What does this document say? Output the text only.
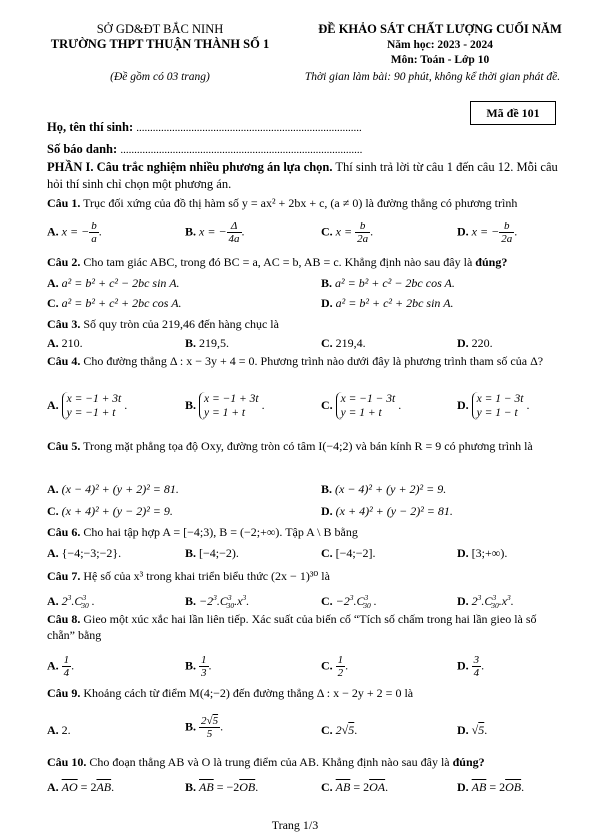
SỞ GD&ĐT BẮC NINH
TRƯỜNG THPT THUẬN THÀNH SỐ 1
(Đề gồm có 03 trang)
ĐỀ KHẢO SÁT CHẤT LƯỢNG CUỐI NĂM
Năm học: 2023 - 2024
Môn: Toán - Lớp 10
Thời gian làm bài: 90 phút, không kể thời gian phát đề.
Mã đề 101
Họ, tên thí sinh: ..................................................................................
Số báo danh: ........................................................................................
PHẦN I. Câu trắc nghiệm nhiều phương án lựa chọn. Thí sinh trả lời từ câu 1 đến câu 12. Mỗi câu hỏi thí sinh chỉ chọn một phương án.
Câu 1. Trục đối xứng của đồ thị hàm số y = ax² + 2bx + c, (a ≠ 0) là đường thẳng có phương trình
A. x = − $\frac{b}{a}$ .	B. x = − $\frac{\Delta}{4a}$ .	C. $x = \frac{b}{2a}$ .	D. x = − $\frac{b}{2a}$ .
Câu 2. Cho tam giác ABC, trong đó BC = a, AC = b, AB = c. Khẳng định nào sau đây là đúng?
A. a² = b² + c² − 2bc sin A.	B. a² = b² + c² − 2bc cos A.
C. a² = b² + c² + 2bc cos A.	D. a² = b² + c² + 2bc sin A.
Câu 3. Số quy tròn của 219,46 đến hàng chục là
A. 210.	B. 219,5.	C. 219,4.	D. 220.
Câu 4. Cho đường thẳng Δ : x − 3y + 4 = 0. Phương trình nào dưới đây là phương trình tham số của Δ?
A. x = −1 + 3t
y = −1 + t
.	B. x = −1 + 3t
y = 1 + t
.	C. x = −1 − 3t
y = 1 + t
.	D. x = 1 − 3t
y = 1 − t
.
Câu 5. Trong mặt phẳng tọa độ Oxy, đường tròn có tâm I(−4;2) và bán kính R = 9 có phương trình là
A. (x − 4)² + (y + 2)² = 81.	B. (x − 4)² + (y + 2)² = 9.
C. (x + 4)² + (y − 2)² = 9.	D. (x + 4)² + (y − 2)² = 81.
Câu 6. Cho hai tập hợp A = [−4;3), B = (−2;+∞). Tập A \ B bằng
A. {−4;−3;−2}.	B. [−4;−2).	C. [−4;−2].	D. [3;+∞).
Câu 7. Hệ số của x³ trong khai triển biểu thức (2x − 1)³⁰ là
A. $2^3.C^3_{30}$ .	B. $-2^3.C^3_{30}.x^3$.	C. $-2^3.C^3_{30}$ .	D. $2^3.C^3_{30}.x^3$.
Câu 8. Gieo một xúc xắc hai lần liên tiếp. Xác suất của biến cố “Tích số chấm trong hai lần gieo là số chẵn” bằng
A. $\frac{1}{4}$ .	B. $\frac{1}{3}$ .	C. $\frac{1}{2}$ .	D. $\frac{3}{4}$ .
Câu 9. Khoảng cách từ điểm M(4;−2) đến đường thẳng Δ : x − 2y + 2 = 0 là
A. 2.	B. $\frac{2√5}{5}$ .	C. 2√5.	D. √5.
Câu 10. Cho đoạn thẳng AB và O là trung điểm của AB. Khẳng định nào sau đây là đúng?
A. $\overline{AO} = 2\overline{AB}$.	B. $\overline{AB} = -2\overline{OB}$.	C. $\overline{AB} = 2\overline{OA}$.	D. $\overline{AB} = 2\overline{OB}$.
Trang 1/3
